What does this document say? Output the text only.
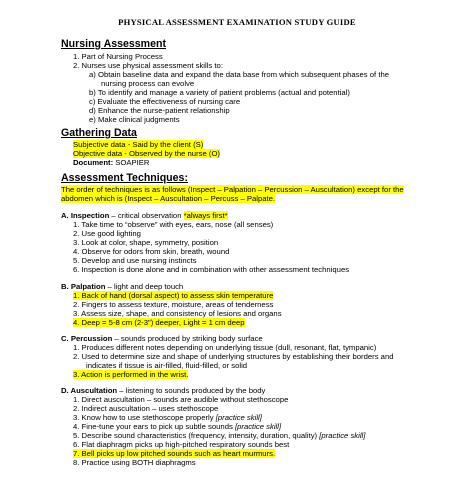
PHYSICAL ASSESSMENT EXAMINATION STUDY GUIDE
Nursing Assessment
1. Part of Nursing Process
2. Nurses use physical assessment skills to:
a) Obtain baseline data and expand the data base from which subsequent phases of the
nursing process can evolve
b) To identify and manage a variety of patient problems (actual and potential)
c) Evaluate the effectiveness of nursing care
d) Enhance the nurse-patient relationship
e) Make clinical judgments
Gathering Data
Subjective data - Said by the client (S)
Objective data - Observed by the nurse (O)
Document: SOAPIER
Assessment Techniques:
The order of techniques is as follows (Inspect – Palpation – Percussion – Auscultation) except for the
abdomen which is (Inspect – Auscultation – Percuss – Palpate.
A. Inspection – critical observation *always first*
1. Take time to “observe” with eyes, ears, nose (all senses)
2. Use good lighting
3. Look at color, shape, symmetry, position
4. Observe for odors from skin, breath, wound
5. Develop and use nursing instincts
6. Inspection is done alone and in combination with other assessment techniques
B. Palpation – light and deep touch
1. Back of hand (dorsal aspect) to assess skin temperature
2. Fingers to assess texture, moisture, areas of tenderness
3. Assess size, shape, and consistency of lesions and organs
4. Deep = 5-8 cm (2-3") deeper, Light = 1 cm deep
C. Percussion – sounds produced by striking body surface
1. Produces different notes depending on underlying tissue (dull, resonant, flat, tympanic)
2. Used to determine size and shape of underlying structures by establishing their borders and
indicates if tissue is air-filled, fluid-filled, or solid
3. Action is performed in the wrist.
D. Auscultation – listening to sounds produced by the body
1. Direct auscultation – sounds are audible without stethoscope
2. Indirect auscultation – uses stethoscope
3. Know how to use stethoscope properly [practice skill]
4. Fine-tune your ears to pick up subtle sounds [practice skill]
5. Describe sound characteristics (frequency, intensity, duration, quality) [practice skill]
6. Flat diaphragm picks up high-pitched respiratory sounds best
7. Bell picks up low pitched sounds such as heart murmurs.
8. Practice using BOTH diaphragms
